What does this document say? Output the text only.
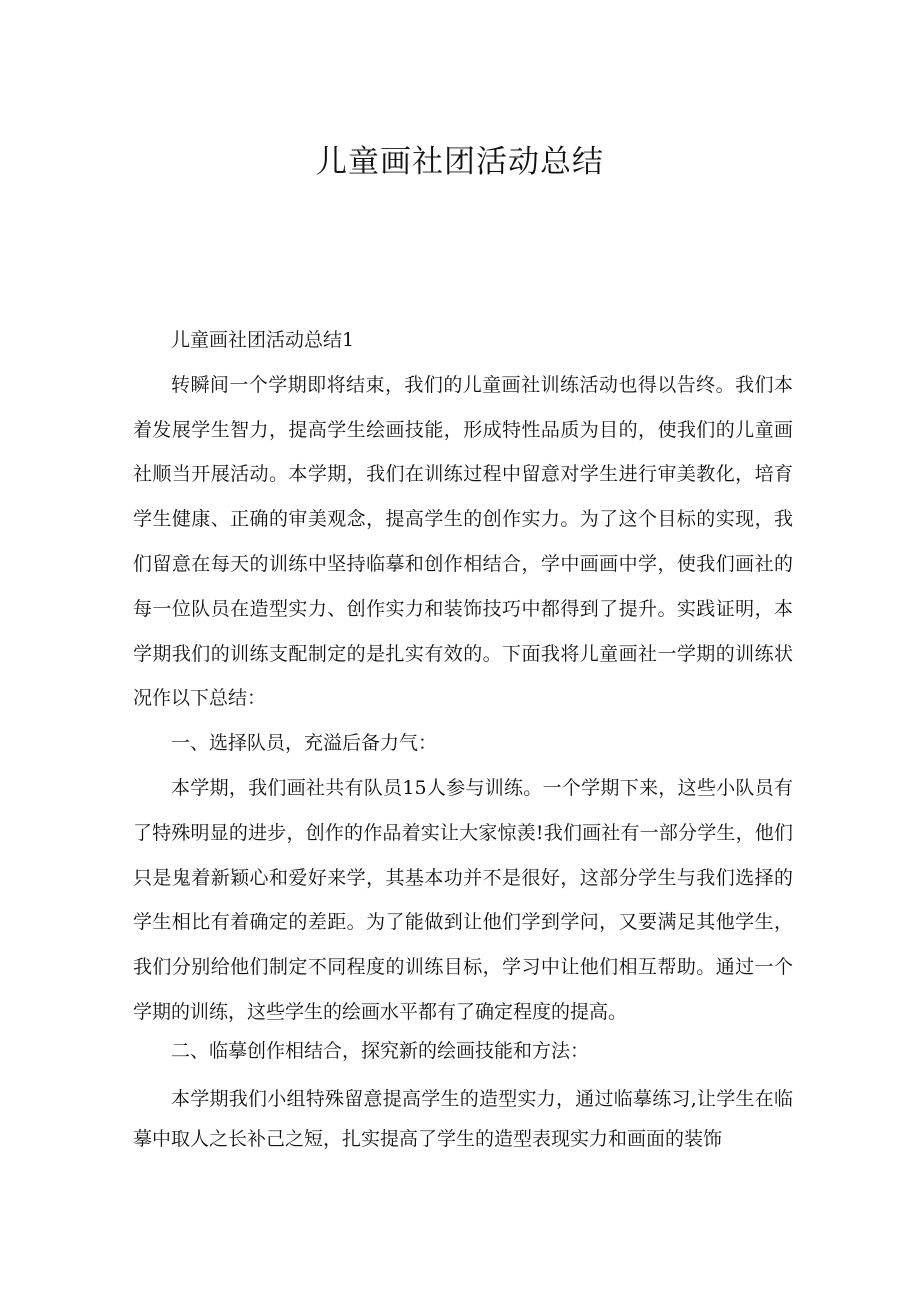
儿童画社团活动总结

儿童画社团活动总结1

转瞬间一个学期即将结束，我们的儿童画社训练活动也得以告终。我们本着发展学生智力，提高学生绘画技能，形成特性品质为目的，使我们的儿童画社顺当开展活动。本学期，我们在训练过程中留意对学生进行审美教化，培育学生健康、正确的审美观念，提高学生的创作实力。为了这个目标的实现，我们留意在每天的训练中坚持临摹和创作相结合，学中画画中学，使我们画社的每一位队员在造型实力、创作实力和装饰技巧中都得到了提升。实践证明，本学期我们的训练支配制定的是扎实有效的。下面我将儿童画社一学期的训练状况作以下总结：

一、选择队员，充溢后备力气：

本学期，我们画社共有队员15人参与训练。一个学期下来，这些小队员有了特殊明显的进步，创作的作品着实让大家惊羡!我们画社有一部分学生，他们只是鬼着新颖心和爱好来学，其基本功并不是很好，这部分学生与我们选择的学生相比有着确定的差距。为了能做到让他们学到学问，又要满足其他学生，我们分别给他们制定不同程度的训练目标，学习中让他们相互帮助。通过一个学期的训练，这些学生的绘画水平都有了确定程度的提高。

二、临摹创作相结合，探究新的绘画技能和方法：

本学期我们小组特殊留意提高学生的造型实力，通过临摹练习,让学生在临摹中取人之长补己之短，扎实提高了学生的造型表现实力和画面的装饰
